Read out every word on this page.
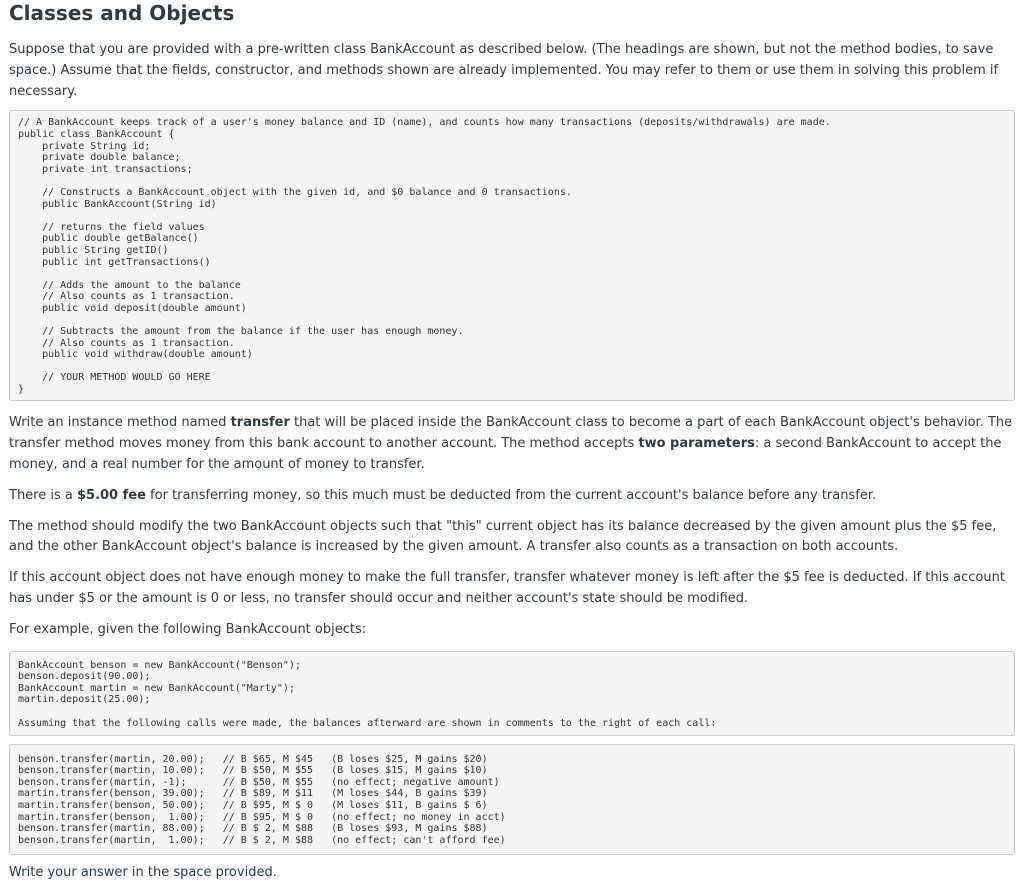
Classes and Objects

Suppose that you are provided with a pre-written class BankAccount as described below. (The headings are shown, but not the method bodies, to save space.) Assume that the fields, constructor, and methods shown are already implemented. You may refer to them or use them in solving this problem if necessary.

// A BankAccount keeps track of a user's money balance and ID (name), and counts how many transactions (deposits/withdrawals) are made.
public class BankAccount {
private String id;
private double balance;
private int transactions;

// Constructs a BankAccount object with the given id, and $0 balance and 0 transactions.
public BankAccount(String id)

// returns the field values
public double getBalance()
public String getID()
public int getTransactions()

// Adds the amount to the balance
// Also counts as 1 transaction.
public void deposit(double amount)

// Subtracts the amount from the balance if the user has enough money.
// Also counts as 1 transaction.
public void withdraw(double amount)

// YOUR METHOD WOULD GO HERE
}

Write an instance method named transfer that will be placed inside the BankAccount class to become a part of each BankAccount object's behavior. The transfer method moves money from this bank account to another account. The method accepts two parameters: a second BankAccount to accept the money, and a real number for the amount of money to transfer.

There is a $5.00 fee for transferring money, so this much must be deducted from the current account's balance before any transfer.

The method should modify the two BankAccount objects such that "this" current object has its balance decreased by the given amount plus the $5 fee, and the other BankAccount object's balance is increased by the given amount. A transfer also counts as a transaction on both accounts.

If this account object does not have enough money to make the full transfer, transfer whatever money is left after the $5 fee is deducted. If this account has under $5 or the amount is 0 or less, no transfer should occur and neither account's state should be modified.

For example, given the following BankAccount objects:

BankAccount benson = new BankAccount("Benson");
benson.deposit(90.00);
BankAccount martin = new BankAccount("Marty");
martin.deposit(25.00);

Assuming that the following calls were made, the balances afterward are shown in comments to the right of each call:
benson.transfer(martin, 20.00);   // B $65, M $45   (B loses $25, M gains $20)
benson.transfer(martin, 10.00);   // B $50, M $55   (B loses $15, M gains $10)
benson.transfer(martin, -1);      // B $50, M $55   (no effect; negative amount)
martin.transfer(benson, 39.00);   // B $89, M $11   (M loses $44, B gains $39)
martin.transfer(benson, 50.00);   // B $95, M $ 0   (M loses $11, B gains $ 6)
martin.transfer(benson,  1.00);   // B $95, M $ 0   (no effect; no money in acct)
benson.transfer(martin, 88.00);   // B $ 2, M $88   (B loses $93, M gains $88)
benson.transfer(martin,  1.00);   // B $ 2, M $88   (no effect; can't afford fee)

Write your answer in the space provided.
